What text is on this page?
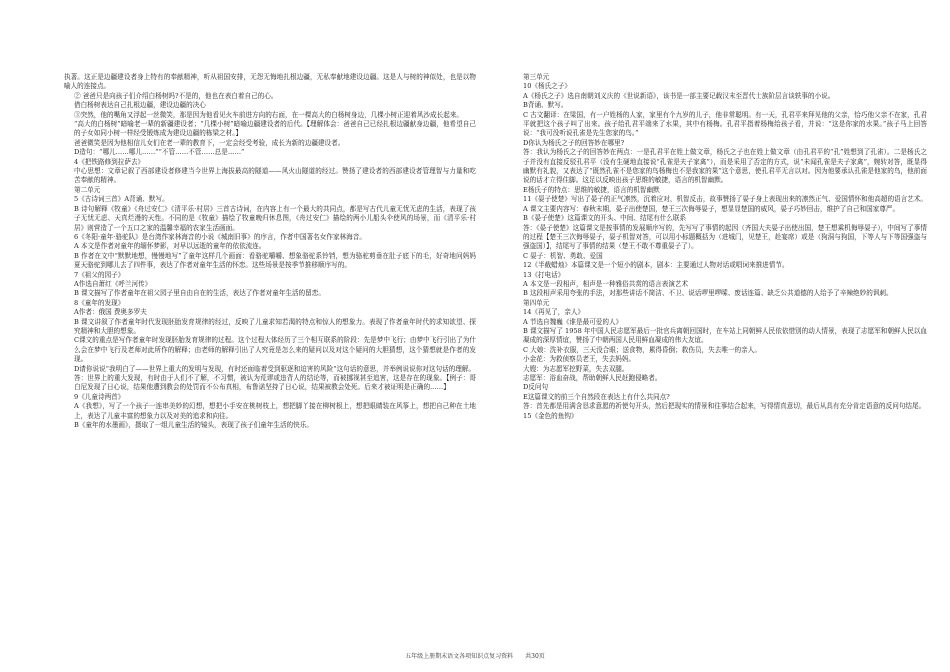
执著。这正是边疆建设者身上特有的奉献精神，听从祖国安排，无怨无悔地扎根边疆，无私奉献地建设边疆。这是人与树的神似处，也是以物喻人的连接点。

② 爸爸只是向孩子们介绍白杨树吗?不是的，他也在表白着自己的心。

借白杨树表达自己扎根边疆，建设边疆的决心

③突然，他的嘴角又浮起一丝微笑，那是因为他看见火车前进方向的右面，在一棵高大的白杨树身边，几棵小树正迎着风沙成长起来。

“高大的白杨树”暗喻老一辈的新疆建设者；“几棵小树”暗喻边疆建设者的后代。【理解体会：爸爸自己已经扎根边疆献身边疆，他希望自己的子女如同小树一样经受锻炼成为建设边疆的栋梁之材。】

爸爸微笑是因为他相信儿女们在老一辈的教育下，一定会经受考验，成长为新的边疆建设者。

D造句：“哪儿……哪儿……”“不管……不管……总是……”

4《把铁路修到拉萨去》

中心思想：文章记叙了西部建设者修建当今世界上海拔最高的隧道——风火山隧道的经过。赞扬了建设者的西部建设者管理智与力量和吃苦奉献的精神。

第二单元

5《古诗词三首》A背诵、默写。

B 诗句解释《牧童》《舟过安仁》《清平乐·村居》三首古诗词，在内容上有一个最大的共同点，都是写古代儿童无忧无虑的生活，表现了孩子无忧无虑、天真烂漫的天性。不同的是《牧童》描绘了牧童晚归休息图，《舟过安仁》描绘的两小儿船头伞使风的场景，而《清平乐·村居》则营造了一个五口之家的温馨幸福的农家生活画面。

6《冬阳·童年·骆驼队》是台湾作家林海音的小说《城南旧事》的序言，作者中国著名女作家林海音。

A 本文是作者对童年的缅怀梦影，对早以远逝的童年的依依流连。

B 作者在文中“默默地想，慢慢地写”了童年这样几个画面：看骆驼嚼嚼、想象骆驼系铃铛，想为骆驼剪垂在肚子底下的毛，好奇地问妈妈夏天骆驼到哪儿去了四件事，表达了作者对童年生活的怀恋。这些场景是按季节推移顺序写的。

7《祖父的园子》

A作选自萧红《呼兰河传》

B 课文描写了作者童年在祖父园子里自由自在的生活，表达了作者对童年生活的留恋。

8《童年的发现》

A作者：俄国 费奥多罗夫

B 课文讲叙了作者童年时代发现胚胎发育规律的经过，反映了儿童求知若渴的特点和惊人的想象力。表现了作者童年时代的求知欲望、探究精神和大胆的想象。

C课文的重点是写作者童年时发现胚胎发育规律的过程。这个过程大体经历了三个相互联系的阶段：先是梦中飞行；由梦中飞行引出了为什么会在梦中飞行及老师对此所作的解释；由老师的解释引出了人究竟是怎么来的疑问以及对这个疑问的大胆猜想，这个猜想就是作者的发现。

D请你说说“我明白了——世界上重大的发明与发现，有时还面临着受到驱逐和迫害的风险”这句话的意思，并举例说说你对这句话的理解。

答：世界上的重大发现，有时由于人们不了解，不习惯，被认为荒谬或违背人的结论等，而被挪视甚至追害，这是存在的现象。【例子：哥白尼发现了日心说，结果他遭到教会的处罚而不公布真相，布鲁诺坚持了日心说，结果被教会处死。后来才被证明是正确的……】

9《儿童诗两首》

A《我想》，写了一个孩子一连串美妙的幻想，想把小手安在桃树枝上，想把脚丫接在柳树根上，想把眼睛装在风筝上，想把自己种在土地上，表达了儿童丰富的想象力以及对美的追求和向往。

B《童年的水墨画》，摄取了一组儿童生活的镜头，表现了孩子们童年生活的快乐。

第三单元

10《杨氏之子》

A《杨氏之子》选自南朝刘义庆的《世说新语》，该书是一部主要记载汉末至晋代士族阶层言谈轶事的小说。

B背诵、默写。

C 古文翻译：在梁国，有一户姓杨的人家，家里有个九岁的儿子，他非常聪明。有一天，孔君平来拜见他的父亲，恰巧他父亲不在家，孔君平就把这个孩子叫了出来。孩子给孔君平端来了水果，其中有杨梅。孔君平指着杨梅给孩子看，并说：“这是你家的水果。”孩子马上回答说：“我可没听说孔雀是先生您家的鸟。”

D你认为杨氏之子的回答妙在哪里?

答：我认为杨氏之子的回答妙在两点：一是孔君平在姓上做文章，杨氏之子也在姓上做文章（由孔君平的“孔”姓想到了孔雀）。二是杨氏之子并没有直接反驳孔君平（没有生硬地直接说“孔雀是夫子家禽”），而是采用了否定的方式，说“未闻孔雀是夫子家禽”，婉转对答，既显得幽默有礼貌，又表达了“既然孔雀不是您家的鸟杨梅也不是我家的果”这个意思，使孔君平无言以对。因为他要承认孔雀是他家的鸟，他前面说的话才立得住脚。这足以反映出孩子思维的敏捷，语言的机智幽默。

E杨氏子的特点：思维的敏捷，语言的机智幽默

11《晏子使楚》写出了晏子的正气凛然，沉着应对，机智反击，故事赞扬了晏子身上表现出来的凛然正气、爱国情怀和他高超的语言艺术。

A 课文主要内容写：春秋末期，晏子出使楚国，楚王三次侮辱晏子，想显显楚国的威风，晏子巧妙回击，维护了自己和国家尊严。

B《晏子使楚》这篇课文的开头、中间、结尾有什么联系

答：《晏子使楚》这篇课文是按事情的发展顺序写的，先写写了事情的起因（齐国大夫晏子出使出国，楚王想乘机侮辱晏子），中间写了事情的过程【楚王三次侮辱晏子，晏子机智对答，可以用小标题概括为（进城门，见楚王，赴宴席）或是（狗洞与狗国，下等人与下等国强盗与强盗国）】，结尾写了事情的结果（楚王不敢不尊重晏子了）。

C 晏子：机智、勇敢、爱国

12《半截蜡烛》本篇课文是一个短小的剧本，剧本：主要通过人物对话或唱词来推进情节。

13《打电话》

A 本文是一段相声，相声是一种雅俗共赏的语言表演艺术

B 这段相声采用夸张的手法，对那些讲话不简洁、不卫、说话啰里啰嗦、废话连篇、缺乏公共道德的人给予了辛辣绝妙的讽刺。

第四单元

14《再见了，亲人》

A 节选自魏巍《谁是最可爱的人》

B 课文描写了 1958 年中国人民志愿军最后一批官兵离朝回国时，在车站上同朝鲜人民依依惜别的动人情景，表现了志愿军和朝鲜人民以血凝成的深厚情谊，赞扬了中朝两国人民用鲜血凝成的伟大友谊。

C 大娘：洗补衣服，三天没合眼；送食物，累得昏倒；救伤员，失去唯一的亲人。

小金花：为救侦察员老王，失去妈妈。

大嫂：为志愿军挖野菜，失去双腿。

志愿军：浴血奋战，帮助朝鲜人民赶跑侵略者。

D反问句

E这篇课文的前三个自然段在表达上有什么共同点?

答：首先都是用满含恳求意愿的祈使句开头，然后把现实的情景和往事结合起来，写得情真意切，最后从具有充分肯定语意的反问句结尾。

15《金色的鱼钩》

五年级上册期末语文各项知识点复习资料　　共30页
